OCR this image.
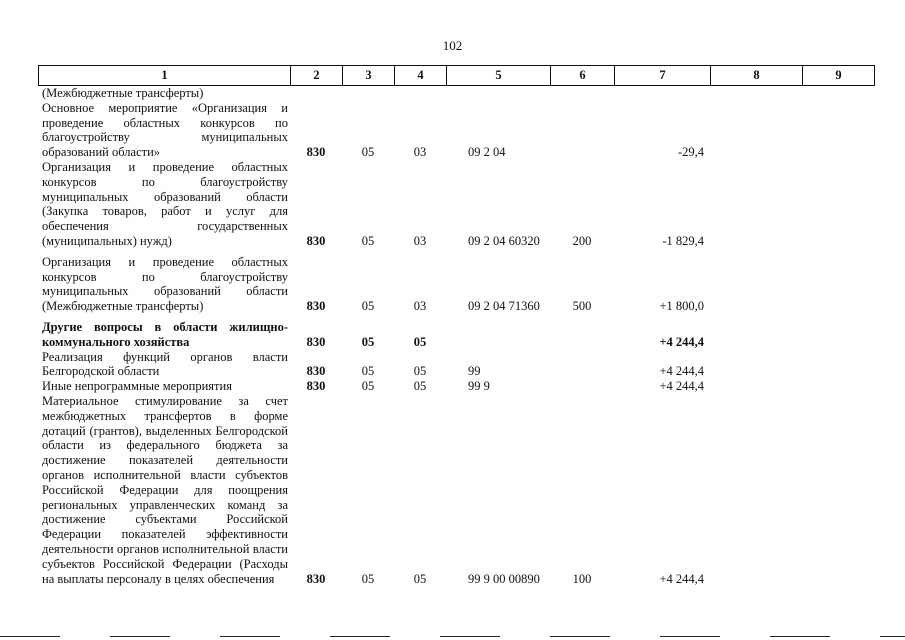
102
1	2	3	4	5	6	7	8	9
(Межбюджетные трансферты)								
Основное мероприятие «Организация и проведение областных конкурсов по благоустройству муниципальных образований области»	830	05	03	09 2 04		-29,4		
Организация и проведение областных конкурсов по благоустройству муниципальных образований области (Закупка товаров, работ и услуг для обеспечения государственных (муниципальных) нужд)	830	05	03	09 2 04 60320	200	-1 829,4		
Организация и проведение областных конкурсов по благоустройству муниципальных образований области (Межбюджетные трансферты)	830	05	03	09 2 04 71360	500	+1 800,0		
Другие вопросы в области жилищно-коммунального хозяйства	830	05	05			+4 244,4		
Реализация функций органов власти Белгородской области	830	05	05	99		+4 244,4		
Иные непрограммные мероприятия	830	05	05	99 9		+4 244,4		
Материальное стимулирование за счет межбюджетных трансфертов в форме дотаций (грантов), выделенных Белгородской области из федерального бюджета за достижение показателей деятельности органов исполнительной власти субъектов Российской Федерации для поощрения региональных управленческих команд за достижение субъектами Российской Федерации показателей эффективности деятельности органов исполнительной власти субъектов Российской Федерации (Расходы на выплаты персоналу в целях обеспечения	830	05	05	99 9 00 00890	100	+4 244,4		
